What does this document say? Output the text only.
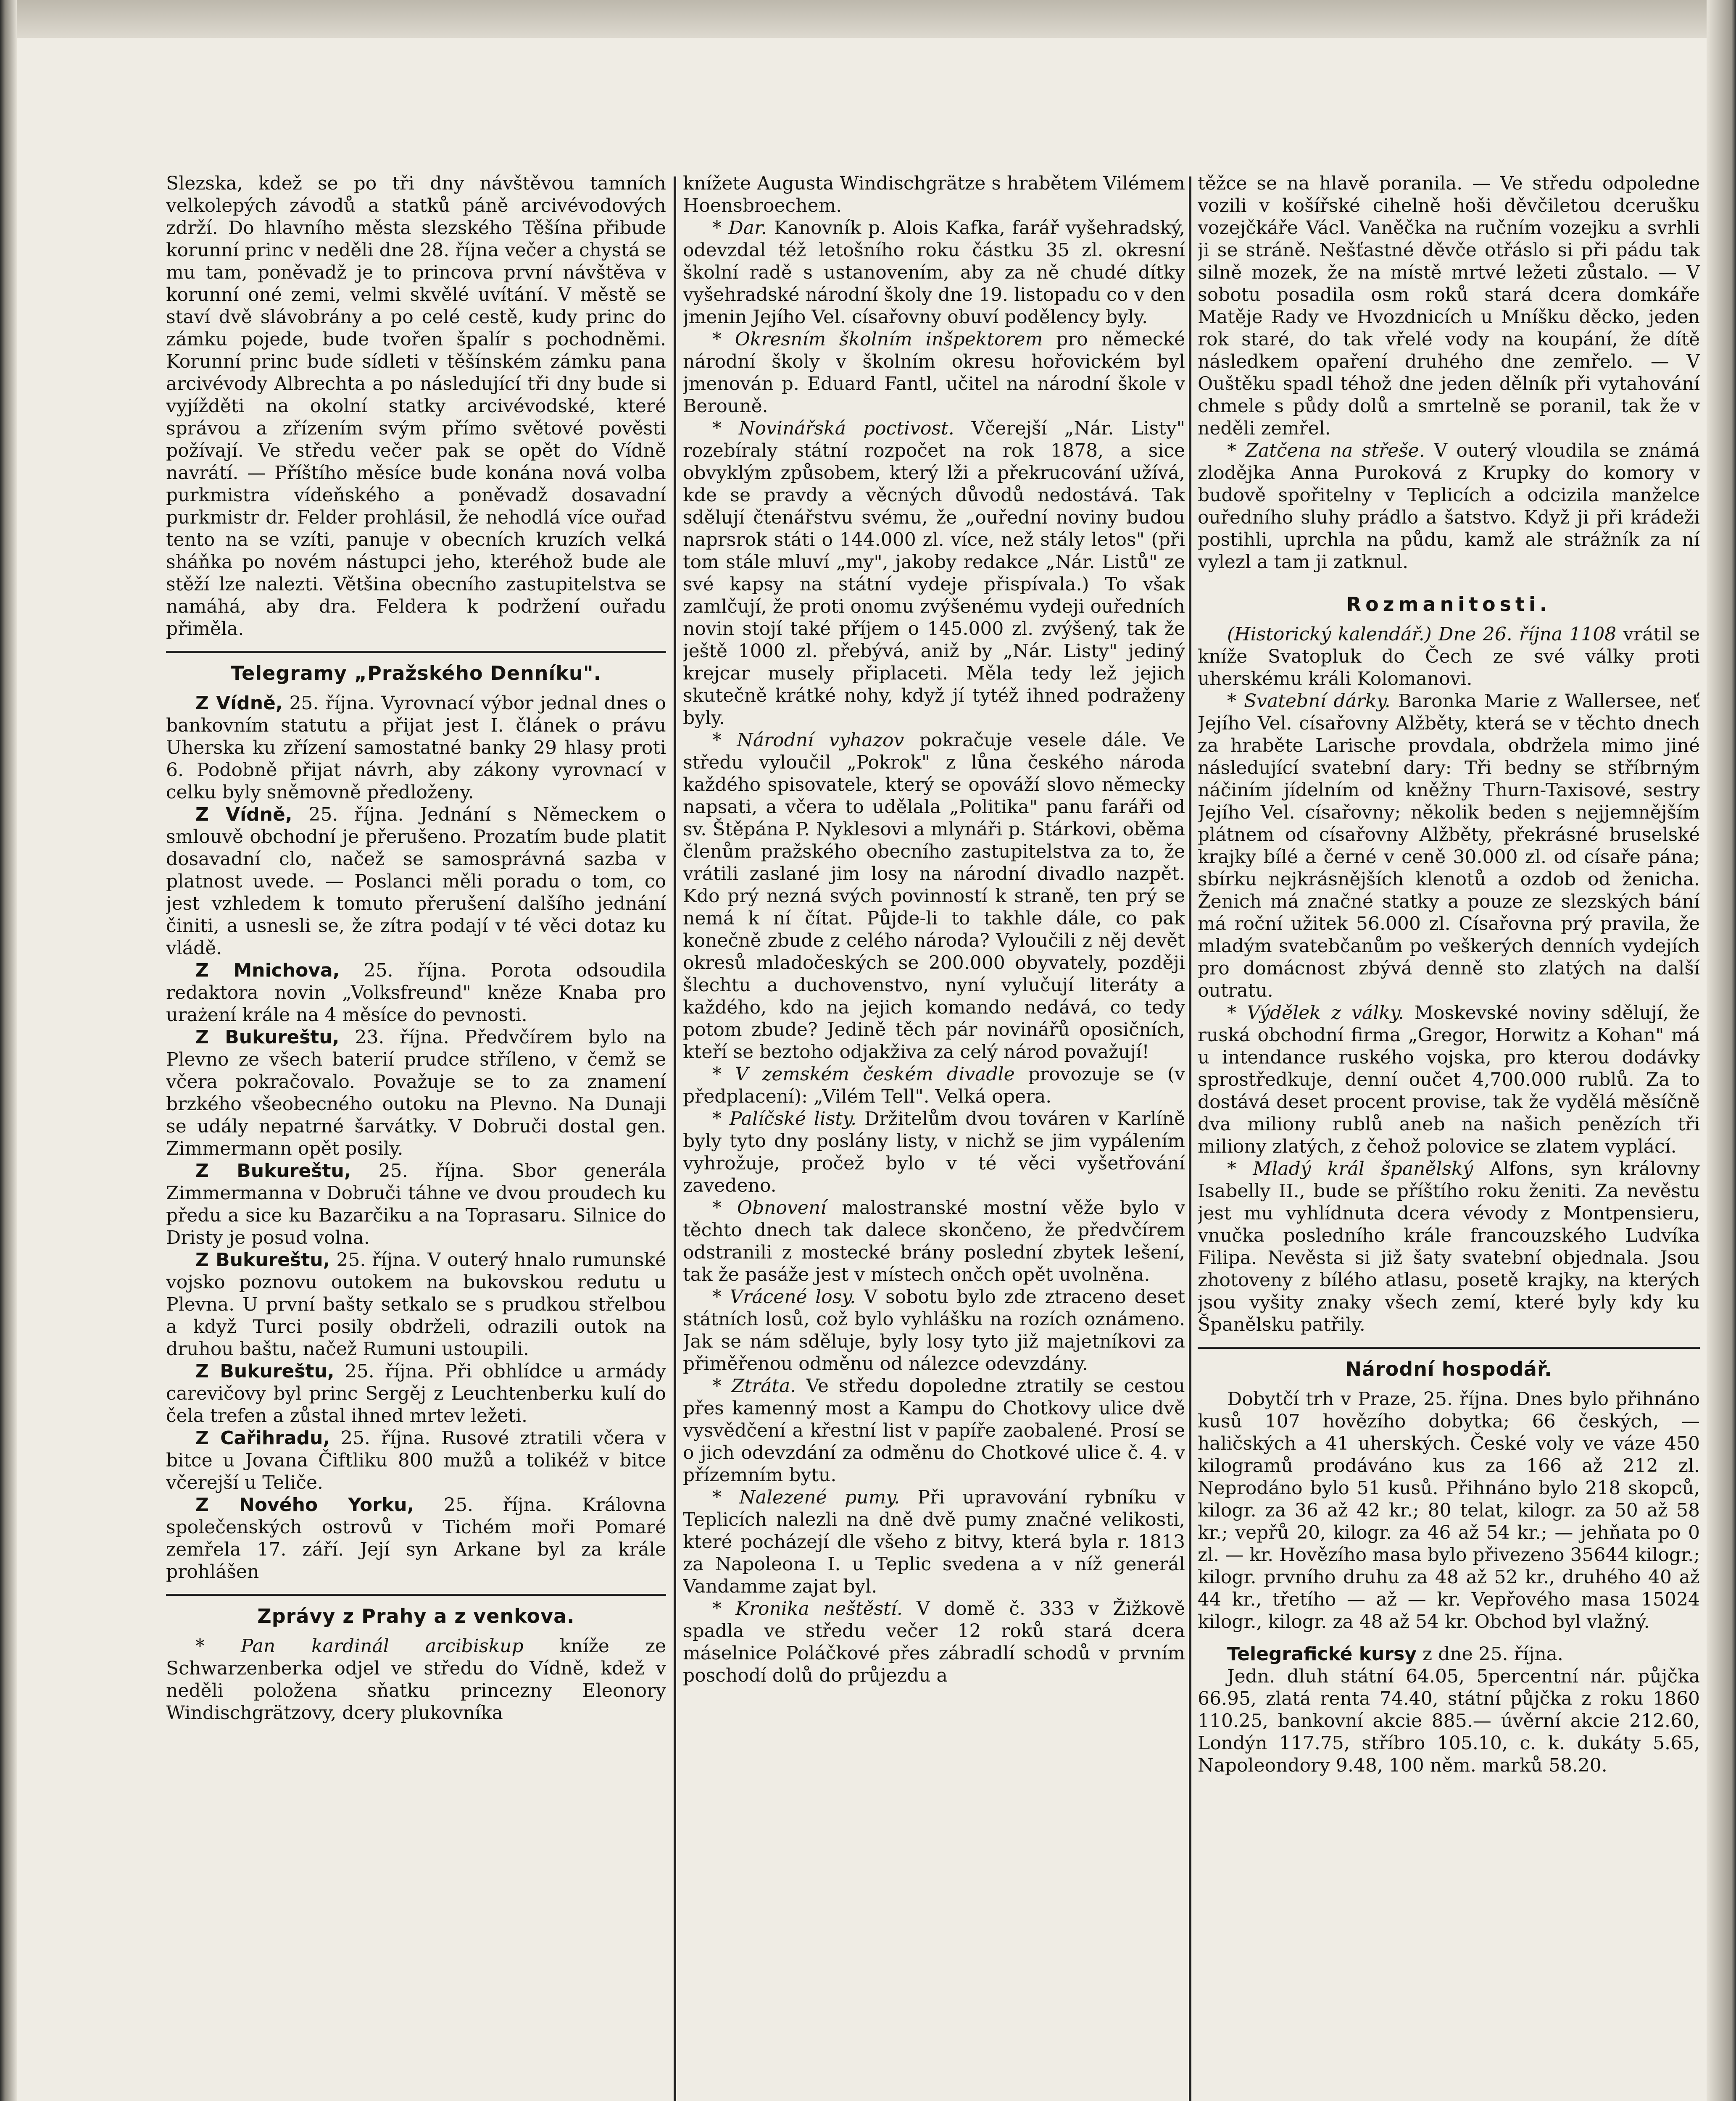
Slezska, kdež se po tři dny návštěvou tamních velkolepých závodů a statků páně arcivévodových zdrží. Do hlavního města slezského Těšína přibude korunní princ v neděli dne 28. října večer a chystá se mu tam, poněvadž je to princova první návštěva v korunní oné zemi, velmi skvělé uvítání. V městě se staví dvě slávobrány a po celé cestě, kudy princ do zámku pojede, bude tvořen špalír s pochodněmi. Korunní princ bude sídleti v těšínském zámku pana arcivévody Albrechta a po následující tři dny bude si vyjížděti na okolní statky arcivévodské, které správou a zřízením svým přímo světové pověsti požívají. Ve středu večer pak se opět do Vídně navrátí. — Příštího měsíce bude konána nová volba purkmistra vídeňského a poněvadž dosavadní purkmistr dr. Felder prohlásil, že nehodlá více ouřad tento na se vzíti, panuje v obecních kruzích velká sháňka po novém nástupci jeho, kteréhož bude ale stěží lze nalezti. Většina obecního zastupitelstva se namáhá, aby dra. Feldera k podržení ouřadu přiměla.

Telegramy „Pražského Denníku".

Z Vídně, 25. října. Vyrovnací výbor jednal dnes o bankovním statutu a přijat jest I. článek o právu Uherska ku zřízení samostatné banky 29 hlasy proti 6. Podobně přijat návrh, aby zákony vyrovnací v celku byly sněmovně předloženy.

Z Vídně, 25. října. Jednání s Německem o smlouvě obchodní je přerušeno. Prozatím bude platit dosavadní clo, načež se samosprávná sazba v platnost uvede. — Poslanci měli poradu o tom, co jest vzhledem k tomuto přerušení dalšího jednání činiti, a usnesli se, že zítra podají v té věci dotaz ku vládě.

Z Mnichova, 25. října. Porota odsoudila redaktora novin „Volksfreund" kněze Knaba pro urażení krále na 4 měsíce do pevnosti.

Z Bukureštu, 23. října. Předvčírem bylo na Plevno ze všech baterií prudce stříleno, v čemž se včera pokračovalo. Považuje se to za znamení brzkého všeobecného outoku na Plevno. Na Dunaji se udály nepatrné šarvátky. V Dobruči dostal gen. Zimmermann opět posily.

Z Bukureštu, 25. října. Sbor generála Zimmermanna v Dobruči táhne ve dvou proudech ku předu a sice ku Bazarčiku a na Toprasaru. Silnice do Dristy je posud volna.

Z Bukureštu, 25. října. V outerý hnalo rumunské vojsko poznovu outokem na bukovskou redutu u Plevna. U první bašty setkalo se s prudkou střelbou a když Turci posily obdrželi, odrazili outok na druhou baštu, načež Rumuni ustoupili.

Z Bukureštu, 25. října. Při obhlídce u armády carevičovy byl princ Sergěj z Leuchtenberku kulí do čela trefen a zůstal ihned mrtev ležeti.

Z Cařihradu, 25. října. Rusové ztratili včera v bitce u Jovana Čiftliku 800 mužů a tolikéž v bitce včerejší u Teliče.

Z Nového Yorku, 25. října. Královna společenských ostrovů v Tichém moři Pomaré zemřela 17. září. Její syn Arkane byl za krále prohlášen

Zprávy z Prahy a z venkova.

* Pan kardinál arcibiskup kníže ze Schwarzenberka odjel ve středu do Vídně, kdež v neděli položena sňatku princezny Eleonory Windischgrätzovy, dcery plukovníka

knížete Augusta Windischgrätze s hrabětem Vilémem Hoensbroechem.

* Dar. Kanovník p. Alois Kafka, farář vyšehradský, odevzdal též letošního roku částku 35 zl. okresní školní radě s ustanovením, aby za ně chudé dítky vyšehradské národní školy dne 19. listopadu co v den jmenin Jejího Vel. císařovny obuví podělency byly.

* Okresním školním inšpektorem pro německé národní školy v školním okresu hořovickém byl jmenován p. Eduard Fantl, učitel na národní škole v Berouně.

* Novinářská poctivost. Včerejší „Nár. Listy" rozebíraly státní rozpočet na rok 1878, a sice obvyklým způsobem, který lži a překrucování užívá, kde se pravdy a věcných důvodů nedostává. Tak sdělují čtenářstvu svému, že „ouřední noviny budou naprsrok státi o 144.000 zl. více, než stály letos" (při tom stále mluví „my", jakoby redakce „Nár. Listů" ze své kapsy na státní vydeje přispívala.) To však zamlčují, že proti onomu zvýšenému vydeji ouředních novin stojí také příjem o 145.000 zl. zvýšený, tak že ještě 1000 zl. přebývá, aniž by „Nár. Listy" jediný krejcar musely připlaceti. Měla tedy lež jejich skutečně krátké nohy, když jí tytéž ihned podraženy byly.

* Národní vyhazov pokračuje vesele dále. Ve středu vyloučil „Pokrok" z lůna českého národa každého spisovatele, který se opováží slovo německy napsati, a včera to udělala „Politika" panu faráři od sv. Štěpána P. Nyklesovi a mlynáři p. Stárkovi, oběma členům pražského obecního zastupitelstva za to, že vrátili zaslané jim losy na národní divadlo nazpět. Kdo prý nezná svých povinností k straně, ten prý se nemá k ní čítat. Půjde-li to takhle dále, co pak konečně zbude z celého národa? Vyloučili z něj devět okresů mladočeských se 200.000 obyvately, později šlechtu a duchovenstvo, nyní vylučují literáty a každého, kdo na jejich komando nedává, co tedy potom zbude? Jedině těch pár novinářů oposičních, kteří se beztoho odjakživa za celý národ považují!

* V zemském českém divadle provozuje se (v předplacení): „Vilém Tell". Velká opera.

* Palíčské listy. Držitelům dvou továren v Karlíně byly tyto dny poslány listy, v nichž se jim vypálením vyhrožuje, pročež bylo v té věci vyšetřování zavedeno.

* Obnovení malostranské mostní věže bylo v těchto dnech tak dalece skončeno, že předvčírem odstranili z mostecké brány poslední zbytek lešení, tak že pasáže jest v místech ončch opět uvolněna.

* Vrácené losy. V sobotu bylo zde ztraceno deset státních losů, což bylo vyhlášku na rozích oznámeno. Jak se nám sděluje, byly losy tyto již majetníkovi za přiměřenou odměnu od nálezce odevzdány.

* Ztráta. Ve středu dopoledne ztratily se cestou přes kamenný most a Kampu do Chotkovy ulice dvě vysvědčení a křestní list v papíře zaobalené. Prosí se o jich odevzdání za odměnu do Chotkové ulice č. 4. v přízemním bytu.

* Nalezené pumy. Při upravování rybníku v Teplicích nalezli na dně dvě pumy značné velikosti, které pocházejí dle všeho z bitvy, která byla r. 1813 za Napoleona I. u Teplic svedena a v níž generál Vandamme zajat byl.

* Kronika neštěstí. V domě č. 333 v Žižkově spadla ve středu večer 12 roků stará dcera máselnice Poláčkové přes zábradlí schodů v prvním poschodí dolů do průjezdu a

těžce se na hlavě poranila. — Ve středu odpoledne vozili v košířské cihelně hoši děvčiletou dcerušku vozejčkáře Václ. Vaněčka na ručním vozejku a svrhli ji se stráně. Nešťastné děvče otřáslo si při pádu tak silně mozek, že na místě mrtvé ležeti zůstalo. — V sobotu posadila osm roků stará dcera domkáře Matěje Rady ve Hvozdnicích u Mníšku děcko, jeden rok staré, do tak vřelé vody na koupání, že dítě následkem opaření druhého dne zemřelo. — V Ouštěku spadl téhož dne jeden dělník při vytahování chmele s půdy dolů a smrtelně se poranil, tak že v neděli zemřel.

* Zatčena na střeše. V outerý vloudila se známá zlodějka Anna Puroková z Krupky do komory v budově spořitelny v Teplicích a odcizila manželce ouředního sluhy prádlo a šatstvo. Když ji při krádeži postihli, uprchla na půdu, kamž ale strážník za ní vylezl a tam ji zatknul.

Rozmanitosti.

(Historický kalendář.) Dne 26. října 1108 vrátil se kníže Svatopluk do Čech ze své války proti uherskému králi Kolomanovi.

* Svatební dárky. Baronka Marie z Wallersee, neť Jejího Vel. císařovny Alžběty, která se v těchto dnech za hraběte Larische provdala, obdržela mimo jiné následující svatební dary: Tři bedny se stříbrným náčiním jídelním od kněžny Thurn-Taxisové, sestry Jejího Vel. císařovny; několik beden s nejjemnějším plátnem od císařovny Alžběty, překrásné bruselské krajky bílé a černé v ceně 30.000 zl. od císaře pána; sbírku nejkrásnějších klenotů a ozdob od ženicha. Ženich má značné statky a pouze ze slezských bání má roční užitek 56.000 zl. Císařovna prý pravila, že mladým svatebčanům po veškerých denních vydejích pro domácnost zbývá denně sto zlatých na další outratu.

* Výdělek z války. Moskevské noviny sdělují, že ruská obchodní firma „Gregor, Horwitz a Kohan" má u intendance ruského vojska, pro kterou dodávky sprostředkuje, denní oučet 4,700.000 rublů. Za to dostává deset procent provise, tak že vydělá měsíčně dva miliony rublů aneb na našich penězích tři miliony zlatých, z čehož polovice se zlatem vyplácí.

* Mladý král španělský Alfons, syn královny Isabelly II., bude se příštího roku ženiti. Za nevěstu jest mu vyhlídnuta dcera vévody z Montpensieru, vnučka posledního krále francouzského Ludvíka Filipa. Nevěsta si již šaty svatební objednala. Jsou zhotoveny z bílého atlasu, posetě krajky, na kterých jsou vyšity znaky všech zemí, které byly kdy ku Španělsku patřily.

Národní hospodář.

Dobytčí trh v Praze, 25. října. Dnes bylo přihnáno kusů 107 hovězího dobytka; 66 českých, — haličských a 41 uherských. České voly ve váze 450 kilogramů prodáváno kus za 166 až 212 zl. Neprodáno bylo 51 kusů. Přihnáno bylo 218 skopců, kilogr. za 36 až 42 kr.; 80 telat, kilogr. za 50 až 58 kr.; vepřů 20, kilogr. za 46 až 54 kr.; — jehňata po 0 zl. — kr. Hovězího masa bylo přivezeno 35644 kilogr.; kilogr. prvního druhu za 48 až 52 kr., druhého 40 až 44 kr., třetího — až — kr. Vepřového masa 15024 kilogr., kilogr. za 48 až 54 kr. Obchod byl vlažný.

Telegrafické kursy z dne 25. října.

Jedn. dluh státní 64.05, 5percentní nár. půjčka 66.95, zlatá renta 74.40, státní půjčka z roku 1860 110.25, bankovní akcie 885.— úvěrní akcie 212.60, Londýn 117.75, stříbro 105.10, c. k. dukáty 5.65, Napoleondory 9.48, 100 něm. marků 58.20.
